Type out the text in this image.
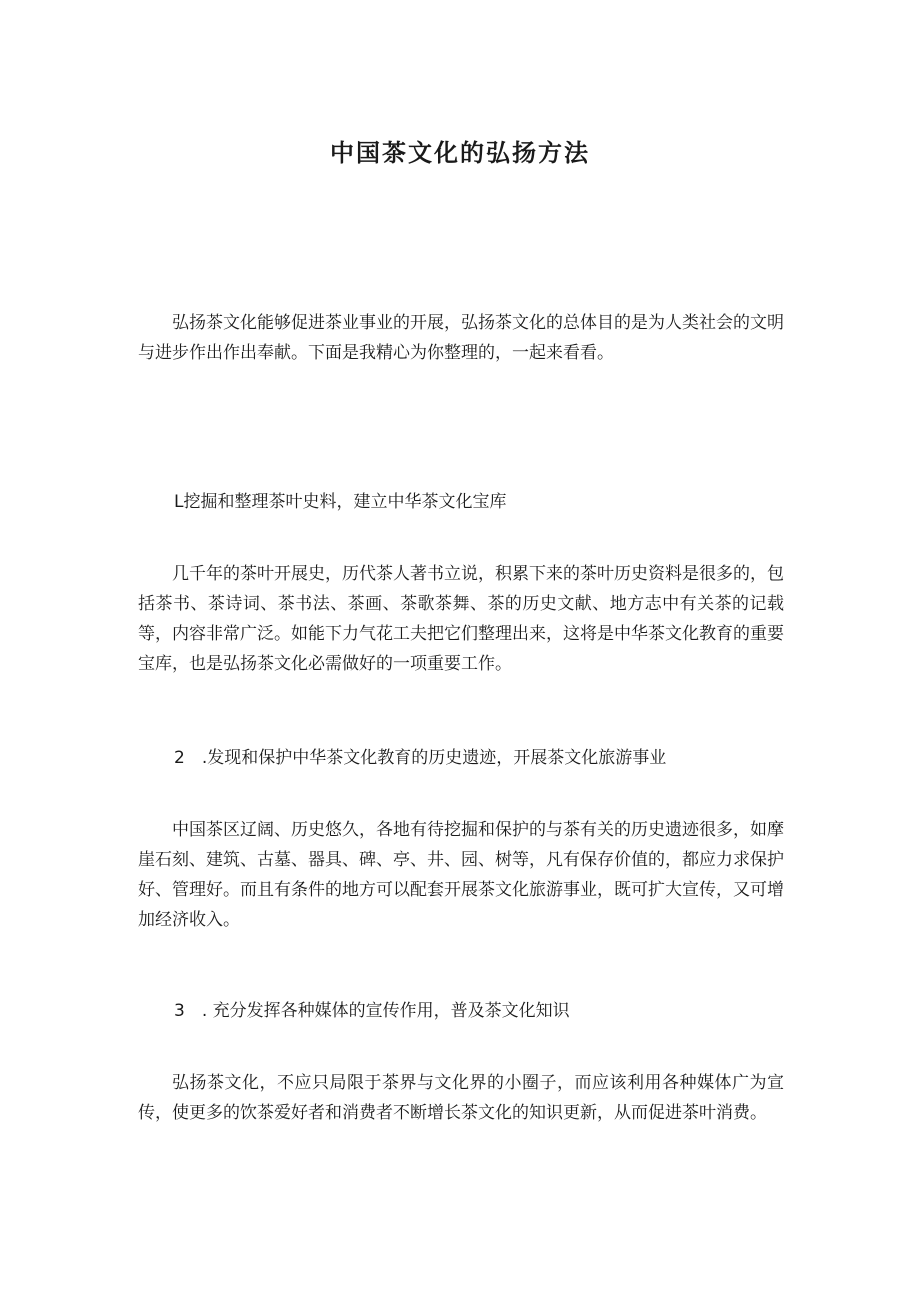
中国茶文化的弘扬方法

弘扬茶文化能够促进茶业事业的开展，弘扬茶文化的总体目的是为人类社会的文明与进步作出作出奉献。下面是我精心为你整理的，一起来看看。

L挖掘和整理茶叶史料，建立中华茶文化宝库

几千年的茶叶开展史，历代茶人著书立说，积累下来的茶叶历史资料是很多的，包括茶书、茶诗词、茶书法、茶画、茶歌茶舞、茶的历史文献、地方志中有关茶的记载等，内容非常广泛。如能下力气花工夫把它们整理出来，这将是中华茶文化教育的重要宝库，也是弘扬茶文化必需做好的一项重要工作。

2　.发现和保护中华茶文化教育的历史遗迹，开展茶文化旅游事业

中国茶区辽阔、历史悠久，各地有待挖掘和保护的与茶有关的历史遗迹很多，如摩崖石刻、建筑、古墓、器具、碑、亭、井、园、树等，凡有保存价值的，都应力求保护好、管理好。而且有条件的地方可以配套开展茶文化旅游事业，既可扩大宣传，又可增加经济收入。

3　. 充分发挥各种媒体的宣传作用，普及茶文化知识

弘扬茶文化，不应只局限于茶界与文化界的小圈子，而应该利用各种媒体广为宣传，使更多的饮茶爱好者和消费者不断增长茶文化的知识更新，从而促进茶叶消费。
